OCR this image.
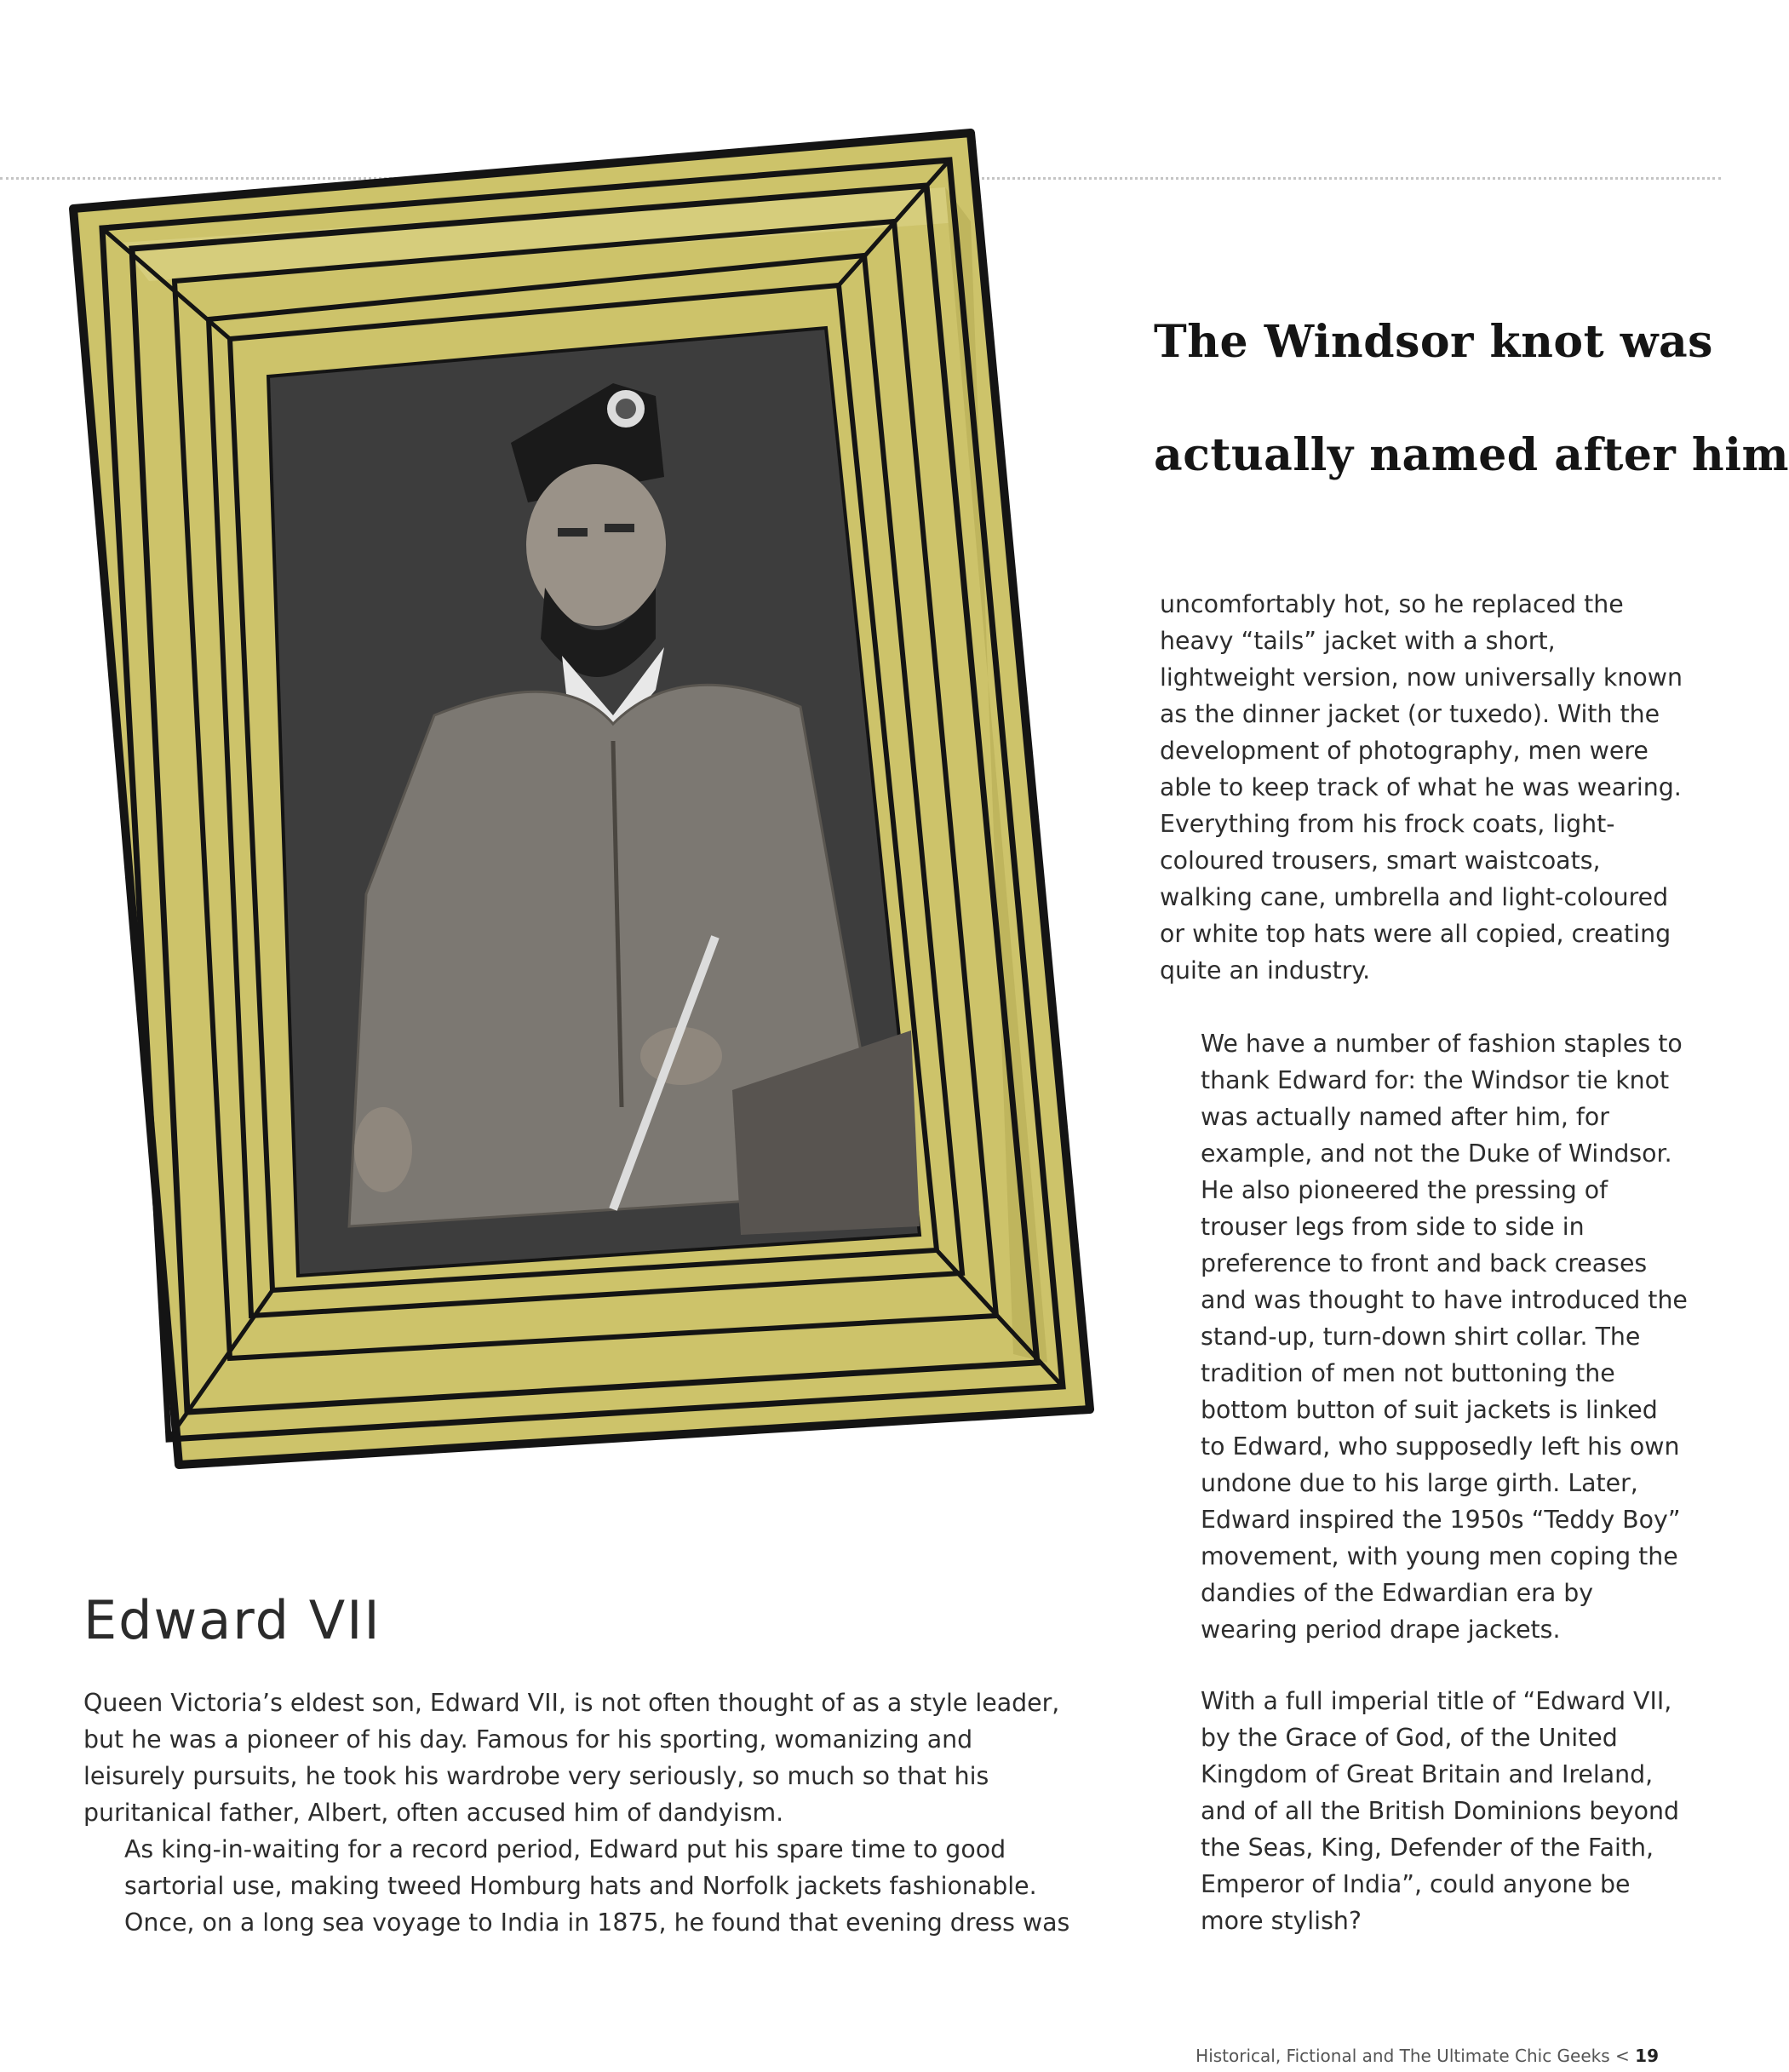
The Windsor knot was
actually named after him
Edward VII

Queen Victoria’s eldest son, Edward VII, is not often thought of as a style leader, but he was a pioneer of his day. Famous for his sporting, womanizing and leisurely pursuits, he took his wardrobe very seriously, so much so that his puritanical father, Albert, often accused him of dandyism.

As king-in-waiting for a record period, Edward put his spare time to good sartorial use, making tweed Homburg hats and Norfolk jackets fashionable. Once, on a long sea voyage to India in 1875, he found that evening dress was

uncomfortably hot, so he replaced the heavy “tails” jacket with a short, lightweight version, now universally known as the dinner jacket (or tuxedo). With the development of photography, men were able to keep track of what he was wearing. Everything from his frock coats, light-coloured trousers, smart waistcoats, walking cane, umbrella and light-coloured or white top hats were all copied, creating quite an industry.

We have a number of fashion staples to thank Edward for: the Windsor tie knot was actually named after him, for example, and not the Duke of Windsor. He also pioneered the pressing of trouser legs from side to side in preference to front and back creases and was thought to have introduced the stand-up, turn-down shirt collar. The tradition of men not buttoning the bottom button of suit jackets is linked to Edward, who supposedly left his own undone due to his large girth. Later, Edward inspired the 1950s “Teddy Boy” movement, with young men coping the dandies of the Edwardian era by wearing period drape jackets.

With a full imperial title of “Edward VII, by the Grace of God, of the United Kingdom of Great Britain and Ireland, and of all the British Dominions beyond the Seas, King, Defender of the Faith, Emperor of India”, could anyone be more stylish?

Historical, Fictional and The Ultimate Chic Geeks < 19
